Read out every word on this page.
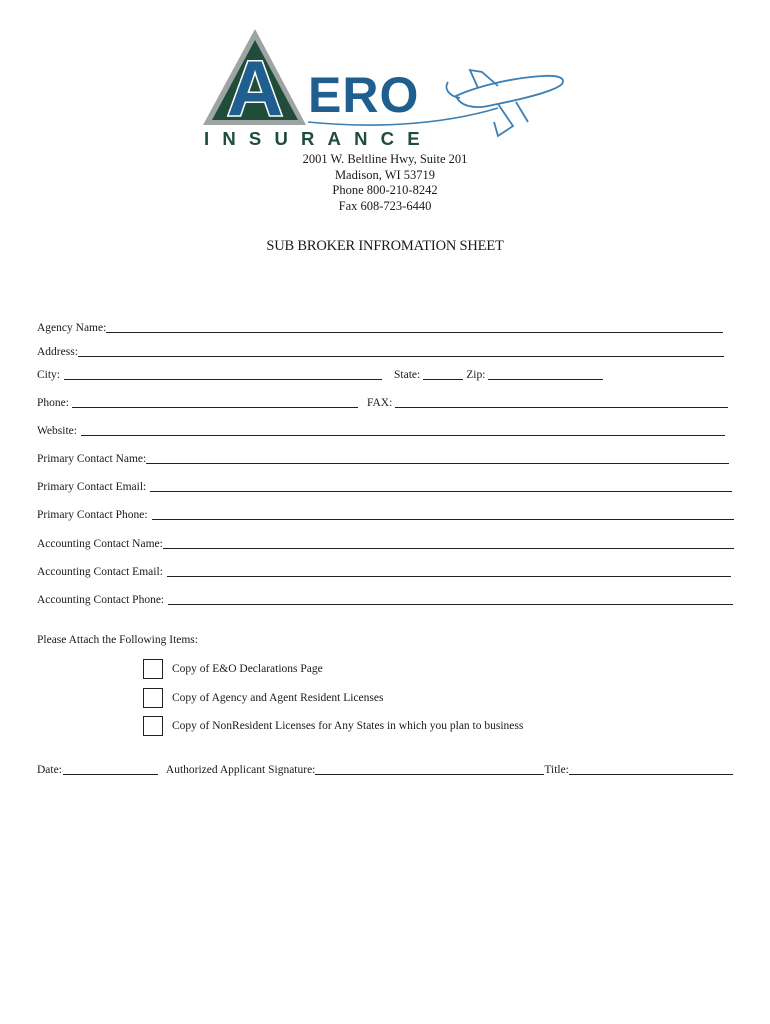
A ERO
INSURANCE
2001 W. Beltline Hwy, Suite 201
Madison, WI 53719
Phone 800-210-8242
Fax 608-723-6440
SUB BROKER INFROMATION SHEET
Agency Name:
Address:
City:	State:	Zip:
Phone:	FAX:
Website:
Primary Contact Name:
Primary Contact Email:
Primary Contact Phone:
Accounting Contact Name:
Accounting Contact Email:
Accounting Contact Phone:
Please Attach the Following Items:
Copy of E&O Declarations Page
Copy of Agency and Agent Resident Licenses
Copy of NonResident Licenses for Any States in which you plan to business
Date:	Authorized Applicant Signature:	Title:
